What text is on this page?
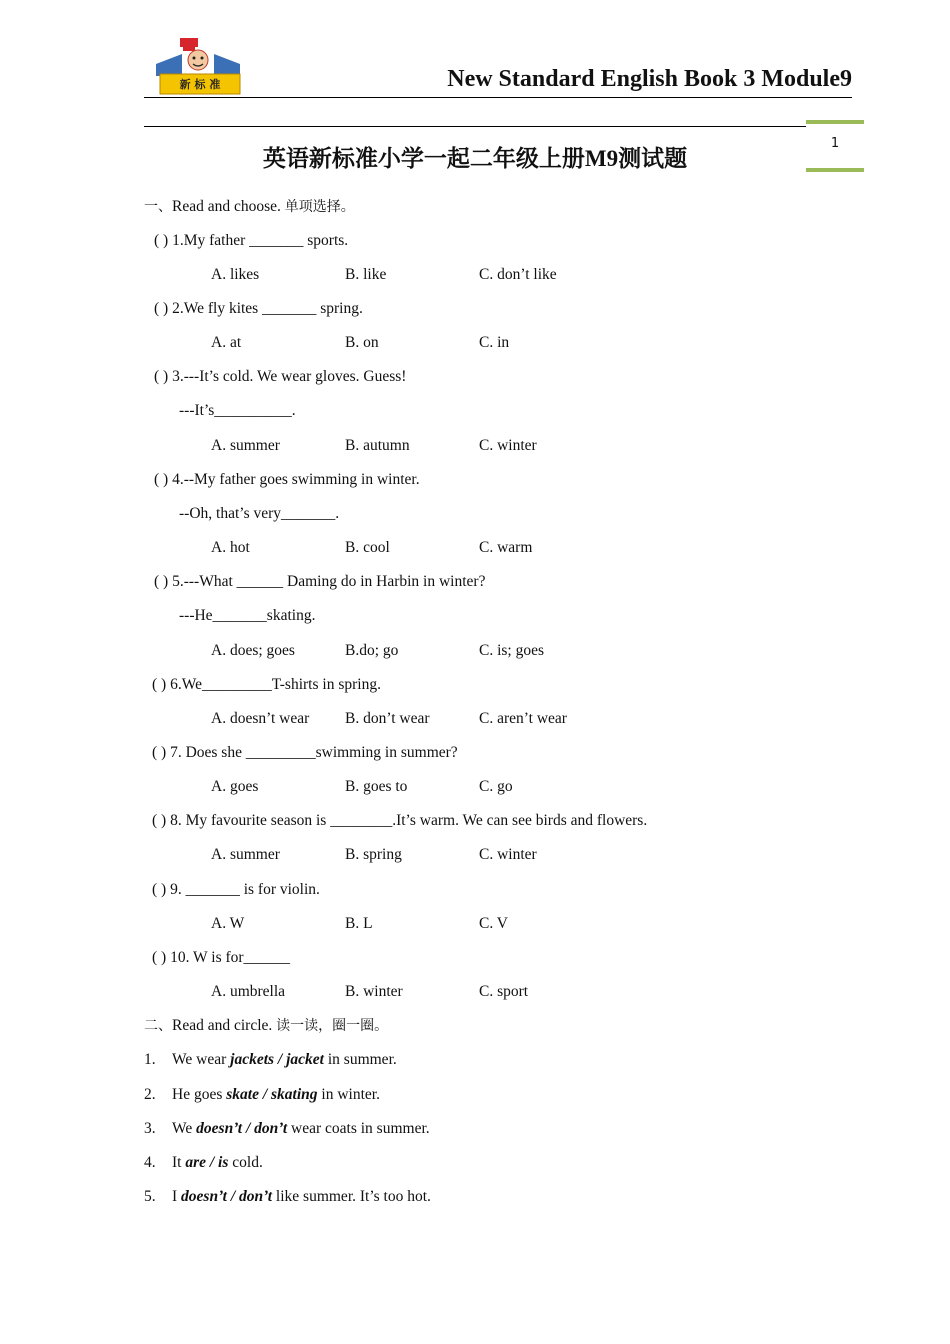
新 标 准	New Standard English Book 3 Module9
1
英语新标准小学一起二年级上册M9测试题
一、Read and choose. 单项选择。
( ) 1.My father _______ sports.
A. likes	B. like	C. don’t like
( ) 2.We fly kites _______ spring.
A. at	B. on	C. in
( ) 3.---It’s cold. We wear gloves. Guess!
---It’s__________.
A. summer	B. autumn	C. winter
( ) 4.--My father goes swimming in winter.
--Oh, that’s very_______.
A. hot	B. cool	C. warm
( ) 5.---What ______ Daming do in Harbin in winter?
---He_______skating.
A. does; goes	B.do; go	C. is; goes
( ) 6.We_________T-shirts in spring.
A. doesn’t wear B. don’t wear	C. aren’t wear
( ) 7. Does she _________swimming in summer?
A. goes	B. goes to	C. go
( ) 8. My favourite season is ________.It’s warm. We can see birds and flowers.
A. summer	B. spring	C. winter
( ) 9. _______ is for violin.
A. W	B. L	C. V
( ) 10. W is for______
A. umbrella	B. winter	C. sport
二、Read and circle. 读一读，圈一圈。
1. We wear jackets / jacket in summer.
2. He goes skate / skating in winter.
3. We doesn’t / don’t wear coats in summer.
4. It are / is cold.
5. I doesn’t / don’t like summer. It’s too hot.
